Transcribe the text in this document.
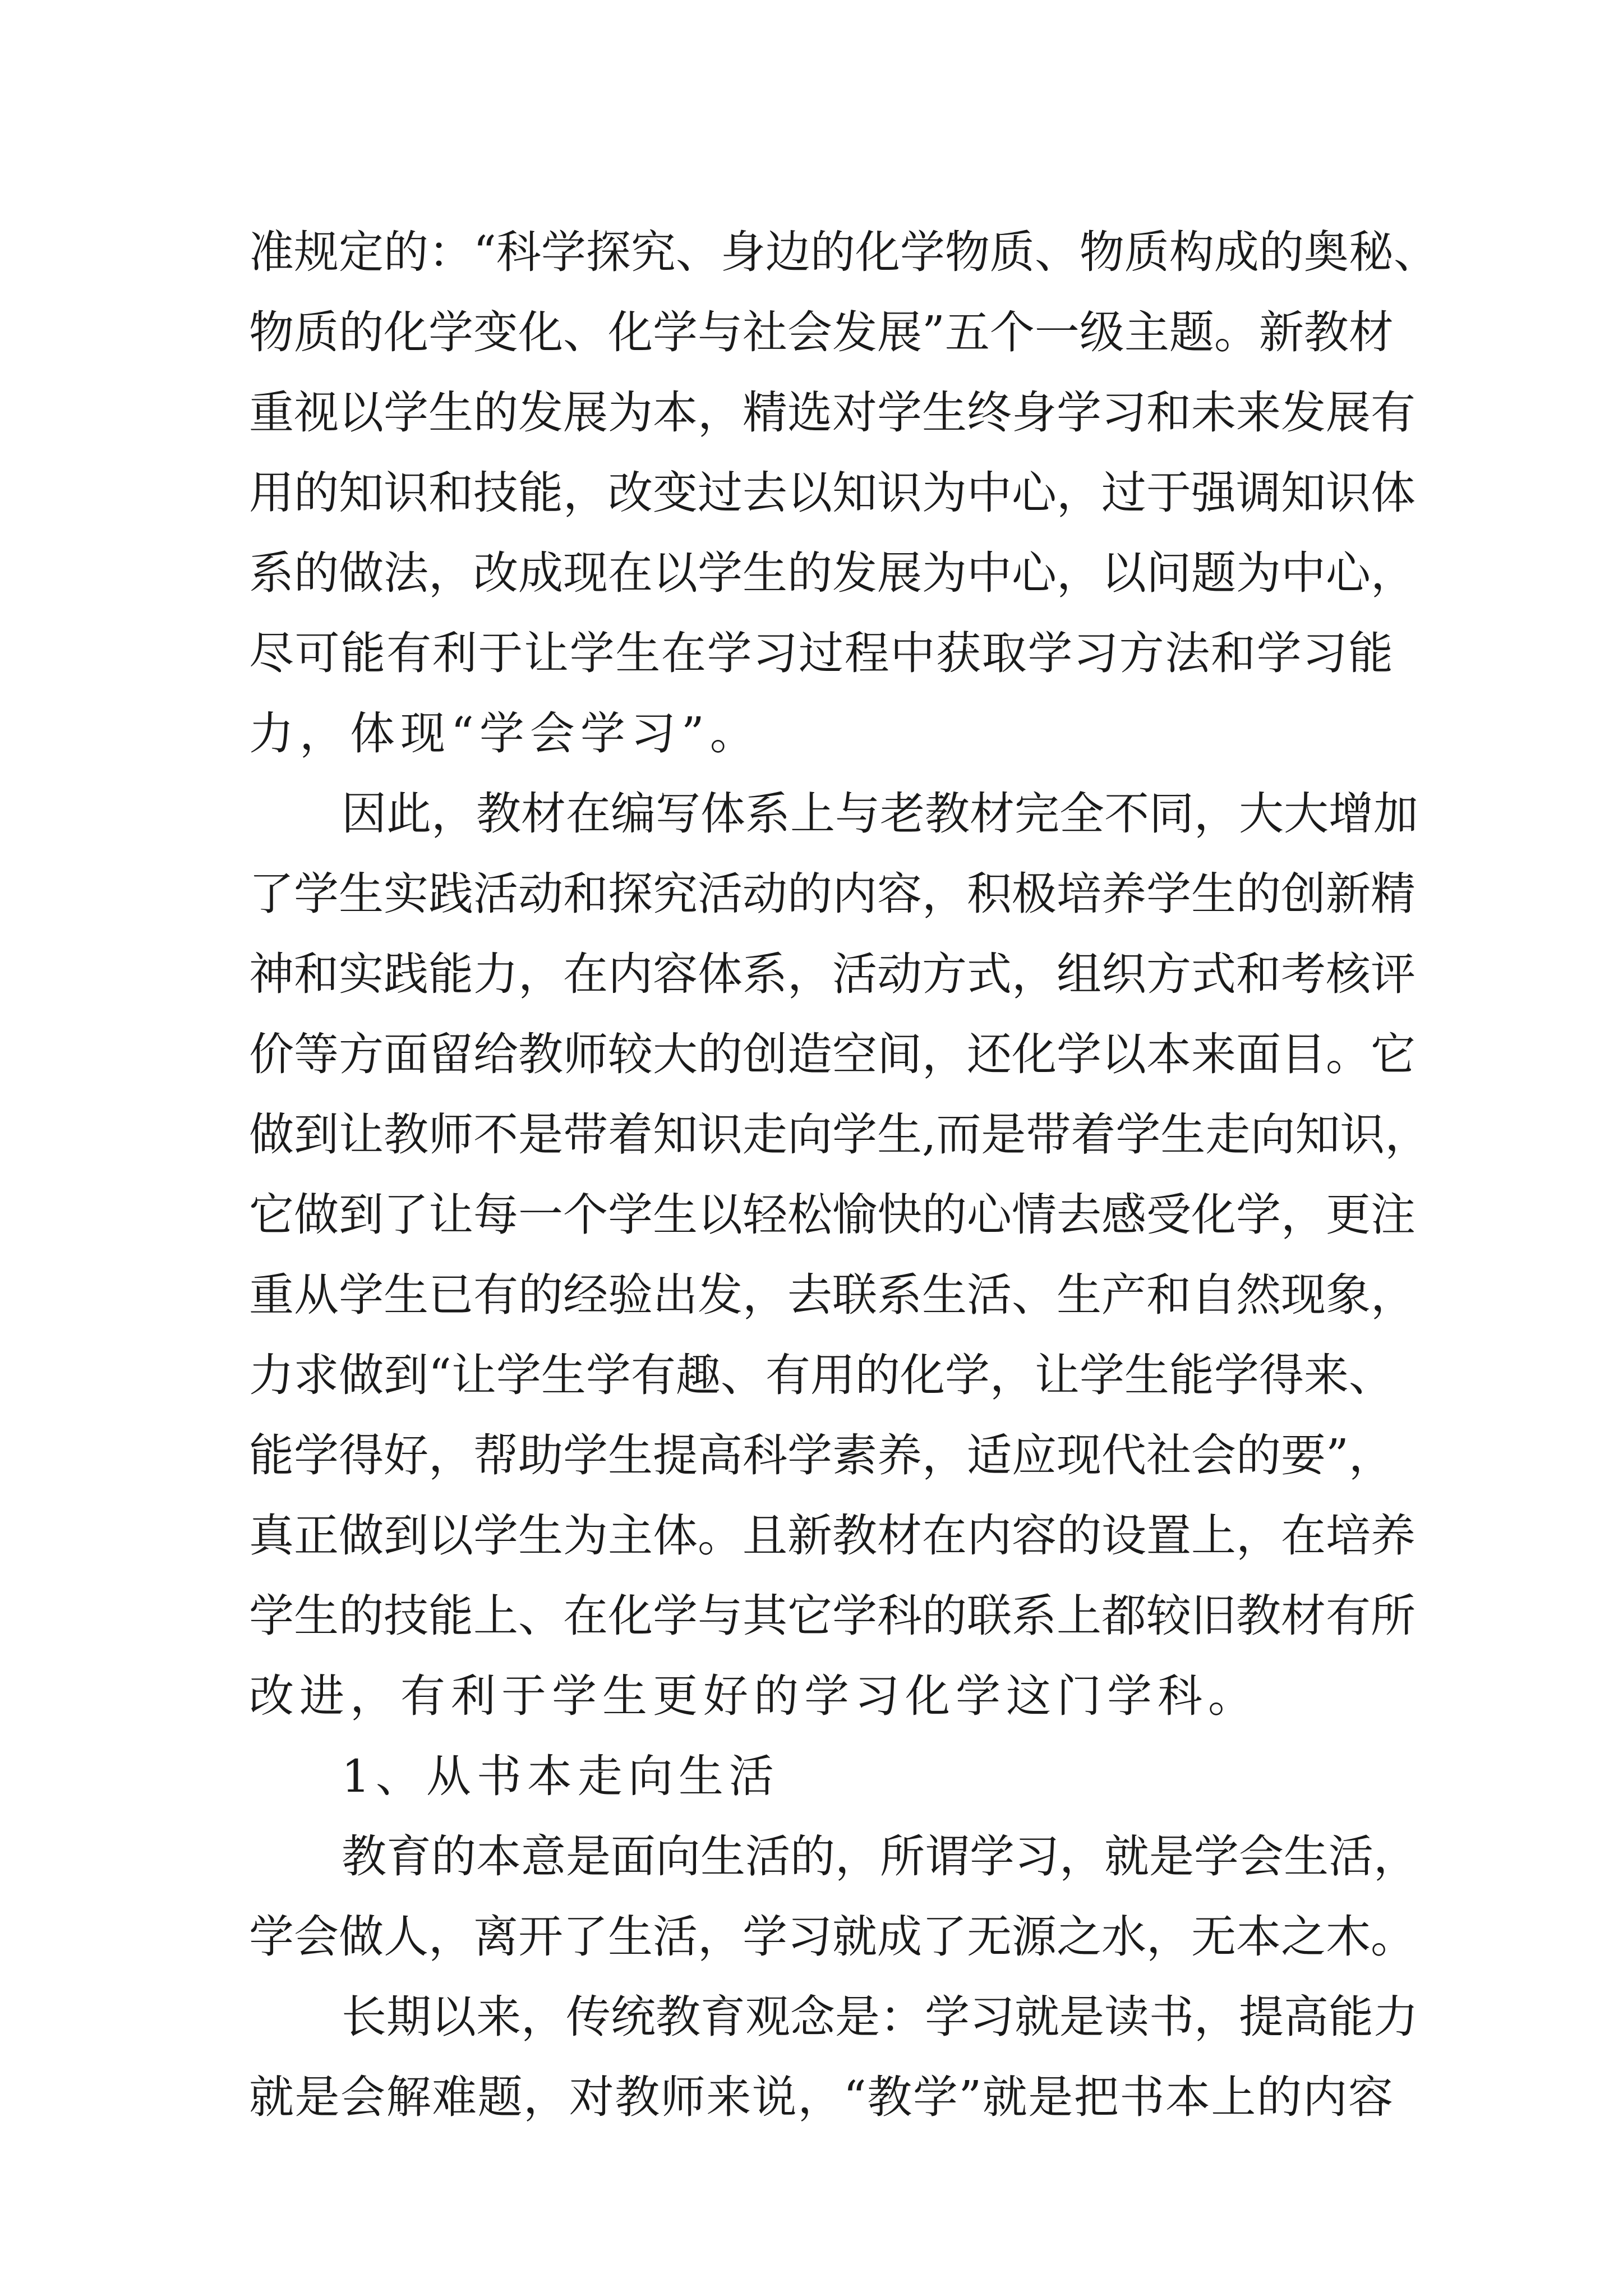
准规定的：“科学探究、身边的化学物质、物质构成的奥秘、
物质的化学变化、化学与社会发展”五个一级主题。新教材
重视以学生的发展为本，精选对学生终身学习和未来发展有
用的知识和技能，改变过去以知识为中心，过于强调知识体
系的做法，改成现在以学生的发展为中心，以问题为中心，
尽可能有利于让学生在学习过程中获取学习方法和学习能
力，体现“学会学习”。
因此，教材在编写体系上与老教材完全不同，大大增加
了学生实践活动和探究活动的内容，积极培养学生的创新精
神和实践能力，在内容体系，活动方式，组织方式和考核评
价等方面留给教师较大的创造空间，还化学以本来面目。它
做到让教师不是带着知识走向学生,而是带着学生走向知识，
它做到了让每一个学生以轻松愉快的心情去感受化学，更注
重从学生已有的经验出发，去联系生活、生产和自然现象，
力求做到“让学生学有趣、有用的化学，让学生能学得来、
能学得好，帮助学生提高科学素养，适应现代社会的要”，
真正做到以学生为主体。且新教材在内容的设置上，在培养
学生的技能上、在化学与其它学科的联系上都较旧教材有所
改进，有利于学生更好的学习化学这门学科。
1、从书本走向生活
教育的本意是面向生活的，所谓学习，就是学会生活，
学会做人，离开了生活，学习就成了无源之水，无本之木。
长期以来，传统教育观念是：学习就是读书，提高能力
就是会解难题，对教师来说，“教学”就是把书本上的内容
